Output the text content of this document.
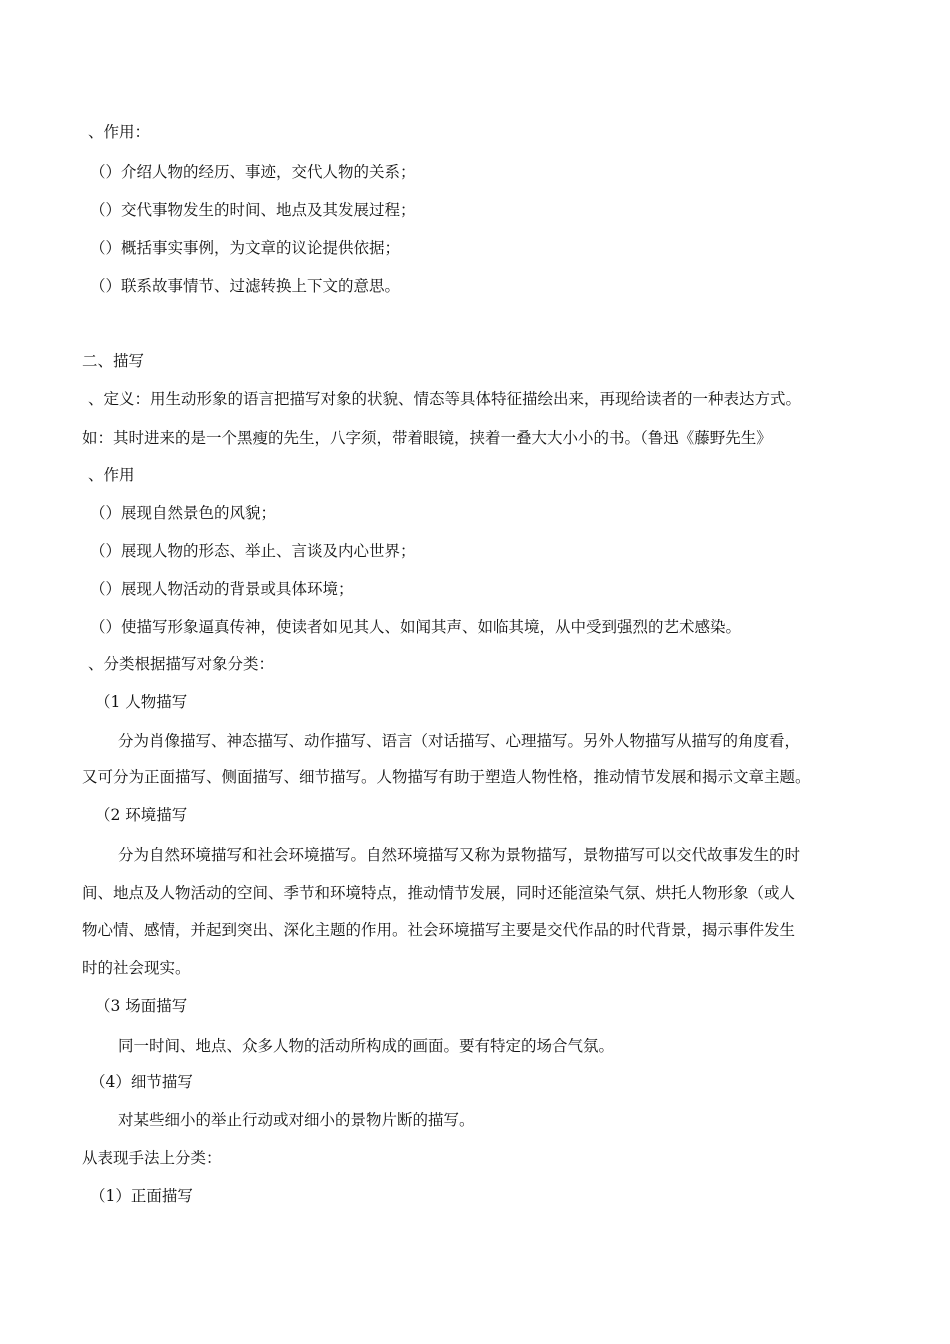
、作用：
（）介绍人物的经历、事迹，交代人物的关系；
（）交代事物发生的时间、地点及其发展过程；
（）概括事实事例，为文章的议论提供依据；
（）联系故事情节、过滤转换上下文的意思。
二、描写
、定义：用生动形象的语言把描写对象的状貌、情态等具体特征描绘出来，再现给读者的一种表达方式。
如：其时进来的是一个黑瘦的先生，八字须，带着眼镜，挟着一叠大大小小的书。（鲁迅《藤野先生》
、作用
（）展现自然景色的风貌；
（）展现人物的形态、举止、言谈及内心世界；
（）展现人物活动的背景或具体环境；
（）使描写形象逼真传神，使读者如见其人、如闻其声、如临其境，从中受到强烈的艺术感染。
、分类根据描写对象分类：
（1 人物描写
分为肖像描写、神态描写、动作描写、语言（对话描写、心理描写。另外人物描写从描写的角度看，
又可分为正面描写、侧面描写、细节描写。人物描写有助于塑造人物性格，推动情节发展和揭示文章主题。
（2 环境描写
分为自然环境描写和社会环境描写。自然环境描写又称为景物描写，景物描写可以交代故事发生的时
间、地点及人物活动的空间、季节和环境特点，推动情节发展，同时还能渲染气氛、烘托人物形象（或人
物心情、感情，并起到突出、深化主题的作用。社会环境描写主要是交代作品的时代背景，揭示事件发生
时的社会现实。
（3 场面描写
同一时间、地点、众多人物的活动所构成的画面。要有特定的场合气氛。
（4）细节描写
对某些细小的举止行动或对细小的景物片断的描写。
从表现手法上分类：
（1）正面描写
